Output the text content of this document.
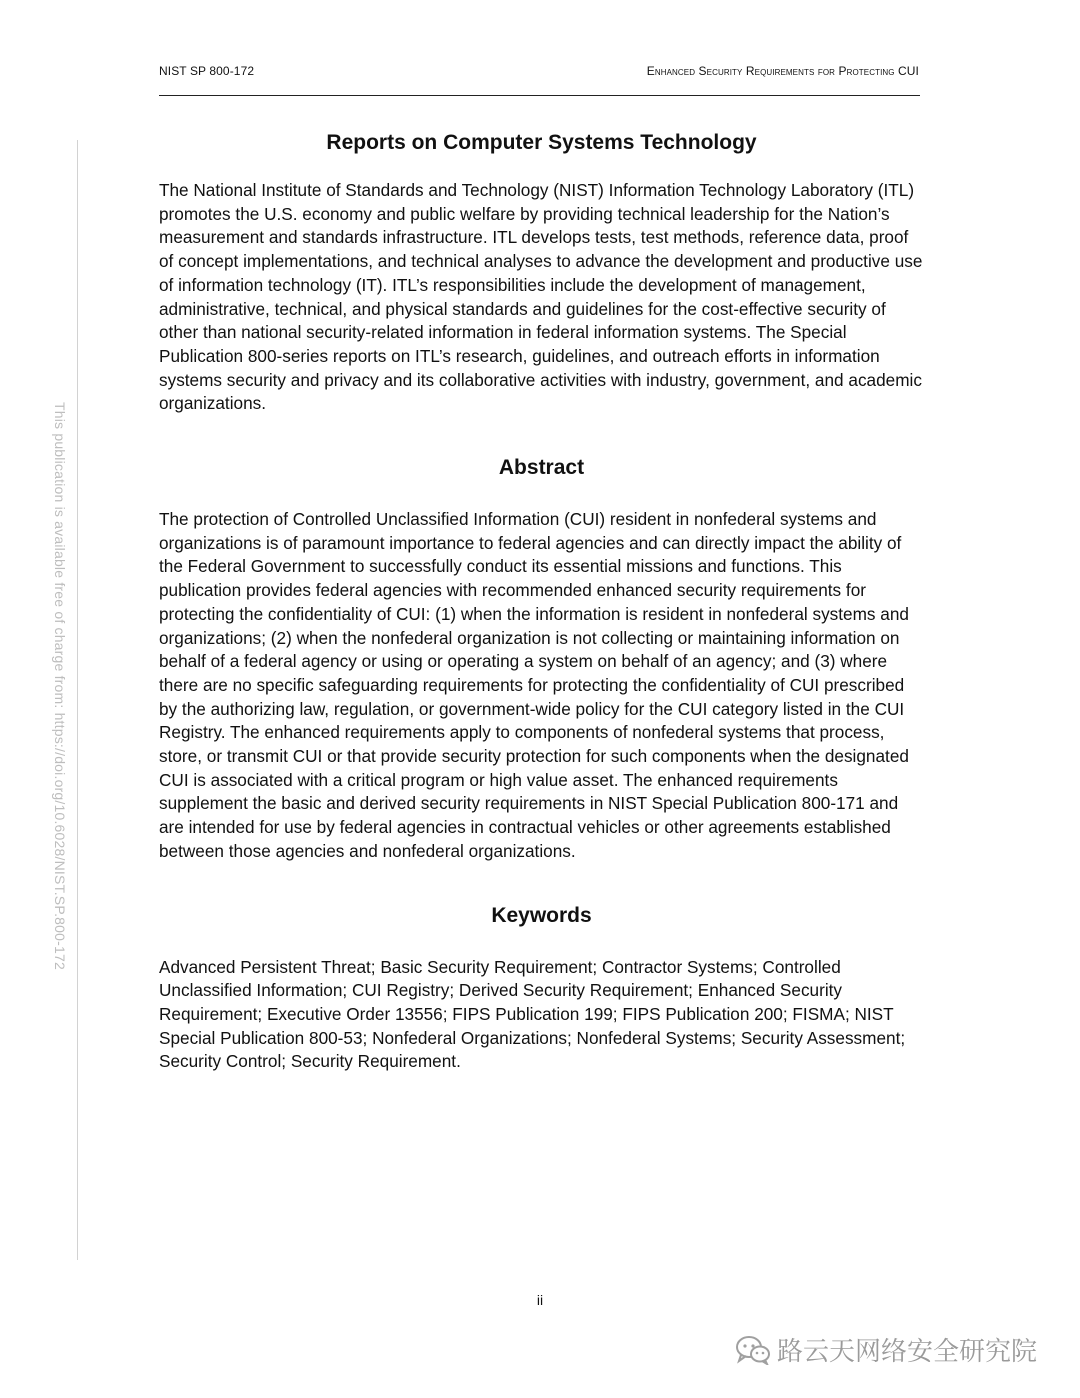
NIST SP 800-172	Enhanced Security Requirements for Protecting CUI
This publication is available free of charge from: https://doi.org/10.6028/NIST.SP.800-172
Reports on Computer Systems Technology

The National Institute of Standards and Technology (NIST) Information Technology Laboratory (ITL) promotes the U.S. economy and public welfare by providing technical leadership for the Nation’s measurement and standards infrastructure. ITL develops tests, test methods, reference data, proof of concept implementations, and technical analyses to advance the development and productive use of information technology (IT). ITL’s responsibilities include the development of management, administrative, technical, and physical standards and guidelines for the cost-effective security of other than national security-related information in federal information systems. The Special Publication 800-series reports on ITL’s research, guidelines, and outreach efforts in information systems security and privacy and its collaborative activities with industry, government, and academic organizations.

Abstract

The protection of Controlled Unclassified Information (CUI) resident in nonfederal systems and organizations is of paramount importance to federal agencies and can directly impact the ability of the Federal Government to successfully conduct its essential missions and functions. This publication provides federal agencies with recommended enhanced security requirements for protecting the confidentiality of CUI: (1) when the information is resident in nonfederal systems and organizations; (2) when the nonfederal organization is not collecting or maintaining information on behalf of a federal agency or using or operating a system on behalf of an agency; and (3) where there are no specific safeguarding requirements for protecting the confidentiality of CUI prescribed by the authorizing law, regulation, or government-wide policy for the CUI category listed in the CUI Registry. The enhanced requirements apply to components of nonfederal systems that process, store, or transmit CUI or that provide security protection for such components when the designated CUI is associated with a critical program or high value asset. The enhanced requirements supplement the basic and derived security requirements in NIST Special Publication 800-171 and are intended for use by federal agencies in contractual vehicles or other agreements established between those agencies and nonfederal organizations.

Keywords

Advanced Persistent Threat; Basic Security Requirement; Contractor Systems; Controlled Unclassified Information; CUI Registry; Derived Security Requirement; Enhanced Security Requirement; Executive Order 13556; FIPS Publication 199; FIPS Publication 200; FISMA; NIST Special Publication 800-53; Nonfederal Organizations; Nonfederal Systems; Security Assessment; Security Control; Security Requirement.

ii
路云天网络安全研究院
